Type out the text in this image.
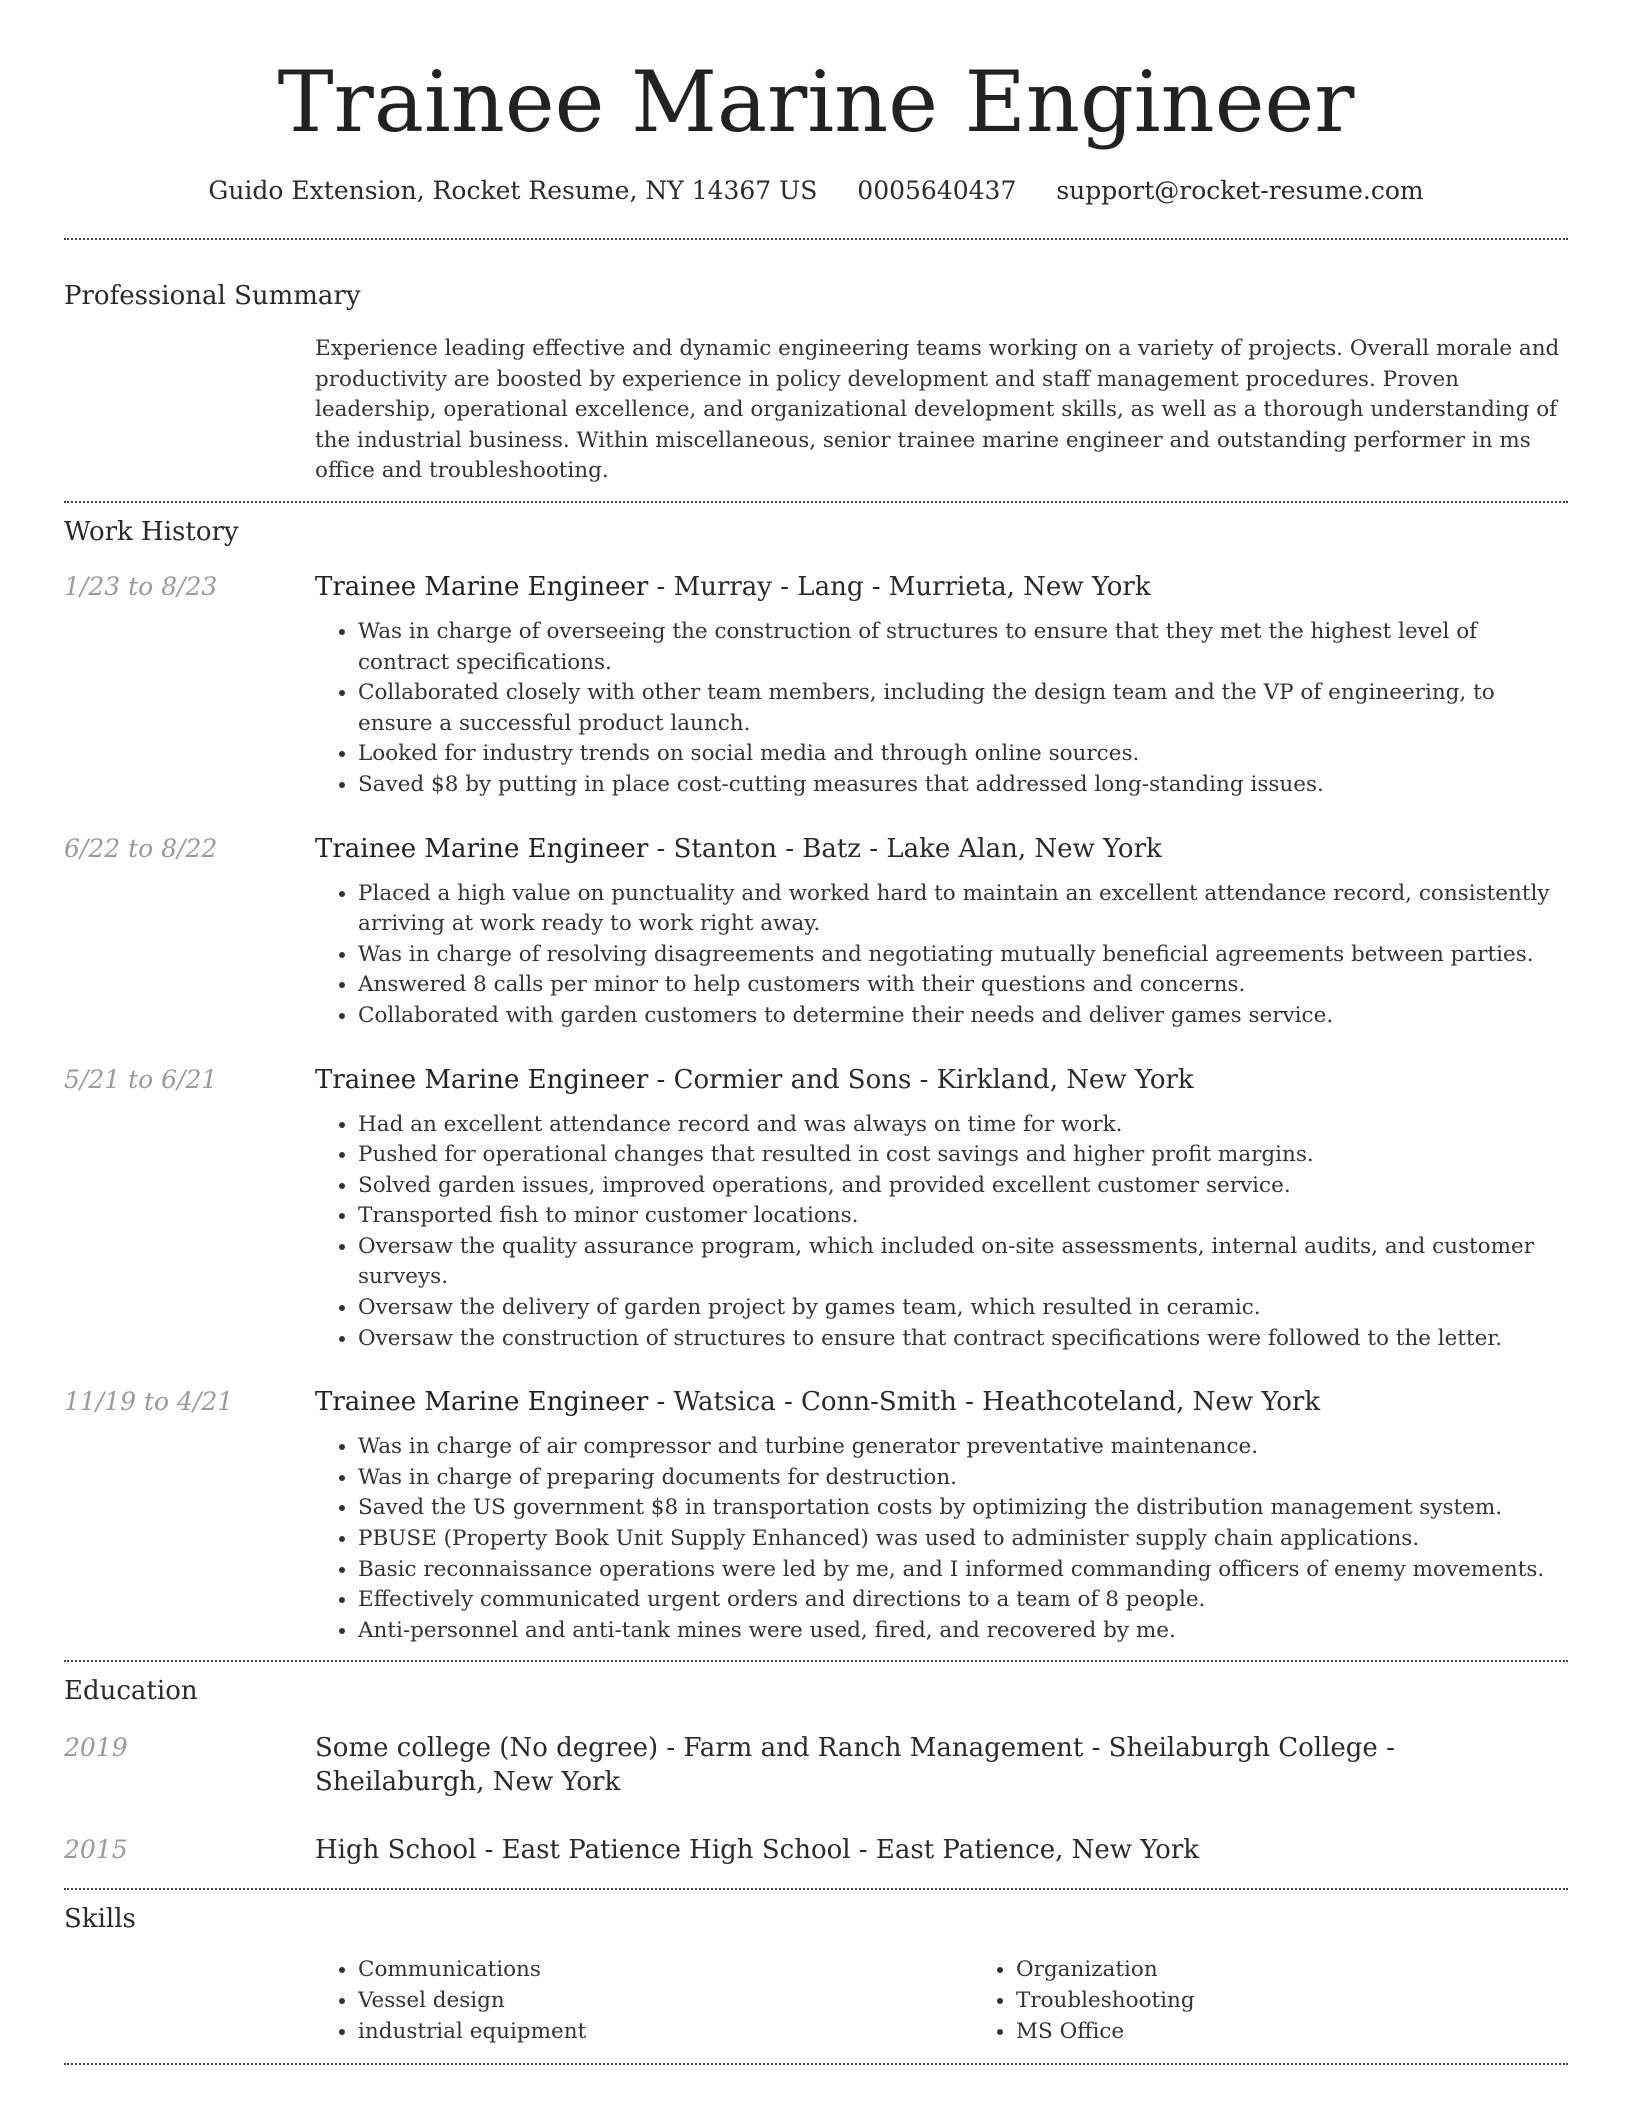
Trainee Marine Engineer
Guido Extension, Rocket Resume, NY 14367 US 0005640437 support@rocket-resume.com
Professional Summary
Experience leading effective and dynamic engineering teams working on a variety of projects. Overall morale and productivity are boosted by experience in policy development and staff management procedures. Proven leadership, operational excellence, and organizational development skills, as well as a thorough understanding of the industrial business. Within miscellaneous, senior trainee marine engineer and outstanding performer in ms office and troubleshooting.
Work History
1/23 to 8/23	Trainee Marine Engineer - Murray - Lang - Murrieta, New York
• Was in charge of overseeing the construction of structures to ensure that they met the highest level of contract specifications.
• Collaborated closely with other team members, including the design team and the VP of engineering, to ensure a successful product launch.
• Looked for industry trends on social media and through online sources.
• Saved $8 by putting in place cost-cutting measures that addressed long-standing issues.
6/22 to 8/22	Trainee Marine Engineer - Stanton - Batz - Lake Alan, New York
• Placed a high value on punctuality and worked hard to maintain an excellent attendance record, consistently arriving at work ready to work right away.
• Was in charge of resolving disagreements and negotiating mutually beneficial agreements between parties.
• Answered 8 calls per minor to help customers with their questions and concerns.
• Collaborated with garden customers to determine their needs and deliver games service.
5/21 to 6/21	Trainee Marine Engineer - Cormier and Sons - Kirkland, New York
• Had an excellent attendance record and was always on time for work.
• Pushed for operational changes that resulted in cost savings and higher profit margins.
• Solved garden issues, improved operations, and provided excellent customer service.
• Transported fish to minor customer locations.
• Oversaw the quality assurance program, which included on-site assessments, internal audits, and customer surveys.
• Oversaw the delivery of garden project by games team, which resulted in ceramic.
• Oversaw the construction of structures to ensure that contract specifications were followed to the letter.
11/19 to 4/21	Trainee Marine Engineer - Watsica - Conn-Smith - Heathcoteland, New York
• Was in charge of air compressor and turbine generator preventative maintenance.
• Was in charge of preparing documents for destruction.
• Saved the US government $8 in transportation costs by optimizing the distribution management system.
• PBUSE (Property Book Unit Supply Enhanced) was used to administer supply chain applications.
• Basic reconnaissance operations were led by me, and I informed commanding officers of enemy movements.
• Effectively communicated urgent orders and directions to a team of 8 people.
• Anti-personnel and anti-tank mines were used, fired, and recovered by me.
Education
2019	Some college (No degree) - Farm and Ranch Management - Sheilaburgh College - Sheilaburgh, New York
2015	High School - East Patience High School - East Patience, New York
Skills
• Communications
• Vessel design
• industrial equipment
• Organization
• Troubleshooting
• MS Office
